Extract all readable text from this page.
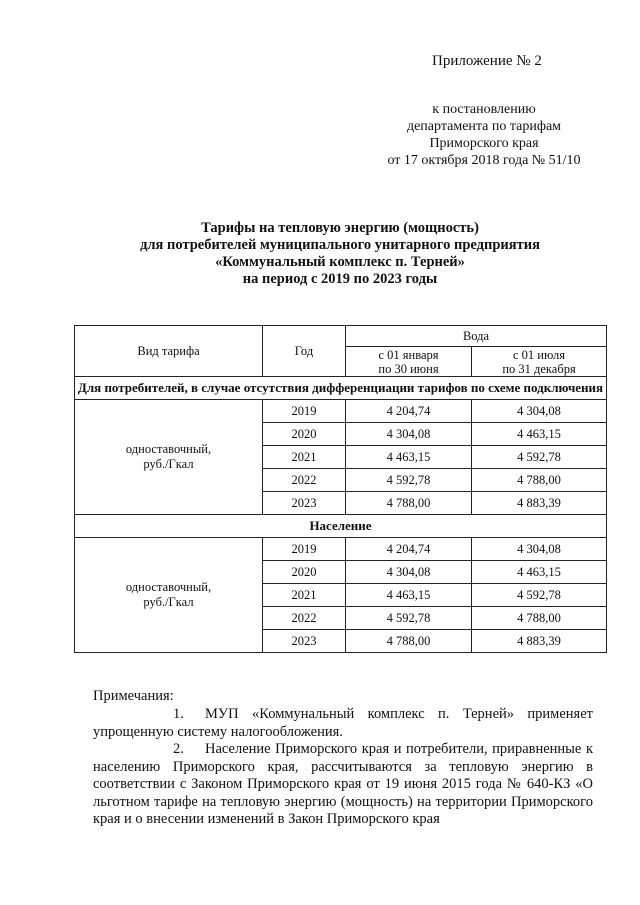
Приложение № 2
к постановлению
департамента по тарифам
Приморского края
от 17 октября 2018 года № 51/10
Тарифы на тепловую энергию (мощность)
для потребителей муниципального унитарного предприятия
«Коммунальный комплекс п. Терней»
на период с 2019 по 2023 годы
Вид тарифа	Год	Вода	

с 01 января
по 30 июня

с 01 июля
по 31 декабря

Для потребителей, в случае отсутствия дифференциации тарифов по схеме подключения			

одноставочный,
руб./Гкал	2019	4 204,74	4 304,08
	2020	4 304,08	4 463,15
	2021	4 463,15	4 592,78
	2022	4 592,78	4 788,00
	2023	4 788,00	4 883,39
Население			

одноставочный,
руб./Гкал	2019	4 204,74	4 304,08
	2020	4 304,08	4 463,15
	2021	4 463,15	4 592,78
	2022	4 592,78	4 788,00
	2023	4 788,00	4 883,39
Примечания:
1. МУП «Коммунальный комплекс п. Терней» применяет упрощенную систему налогообложения.
2. Население Приморского края и потребители, приравненные к населению Приморского края, рассчитываются за тепловую энергию в соответствии с Законом Приморского края от 19 июня 2015 года № 640-КЗ «О льготном тарифе на тепловую энергию (мощность) на территории Приморского края и о внесении изменений в Закон Приморского края
